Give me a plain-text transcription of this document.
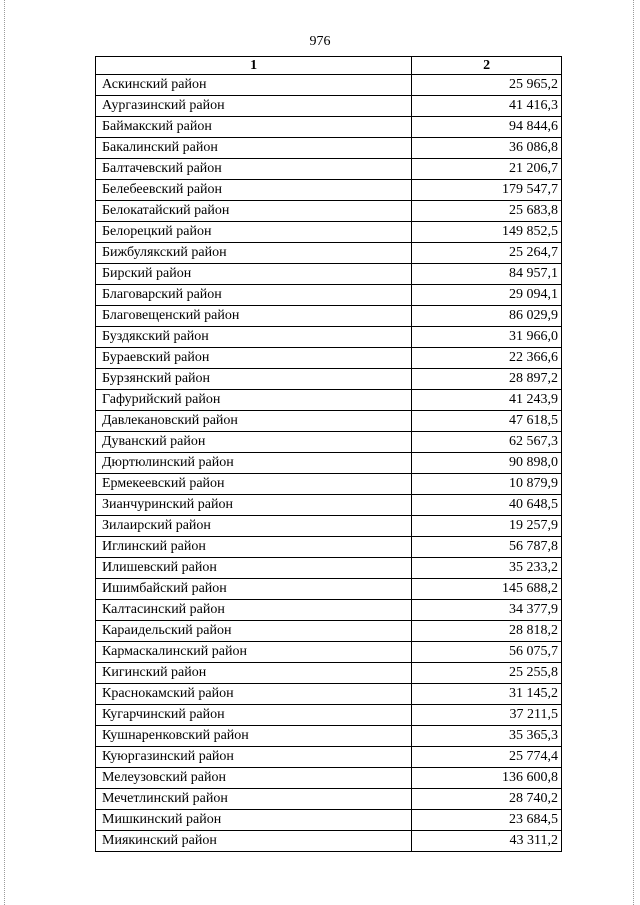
976
1	2
Аскинский район	25 965,2
Аургазинский район	41 416,3
Баймакский район	94 844,6
Бакалинский район	36 086,8
Балтачевский район	21 206,7
Белебеевский район	179 547,7
Белокатайский район	25 683,8
Белорецкий район	149 852,5
Бижбулякский район	25 264,7
Бирский район	84 957,1
Благоварский район	29 094,1
Благовещенский район	86 029,9
Буздякский район	31 966,0
Бураевский район	22 366,6
Бурзянский район	28 897,2
Гафурийский район	41 243,9
Давлекановский район	47 618,5
Дуванский район	62 567,3
Дюртюлинский район	90 898,0
Ермекеевский район	10 879,9
Зианчуринский район	40 648,5
Зилаирский район	19 257,9
Иглинский район	56 787,8
Илишевский район	35 233,2
Ишимбайский район	145 688,2
Калтасинский район	34 377,9
Караидельский район	28 818,2
Кармаскалинский район	56 075,7
Кигинский район	25 255,8
Краснокамский район	31 145,2
Кугарчинский район	37 211,5
Кушнаренковский район	35 365,3
Куюргазинский район	25 774,4
Мелеузовский район	136 600,8
Мечетлинский район	28 740,2
Мишкинский район	23 684,5
Миякинский район	43 311,2
